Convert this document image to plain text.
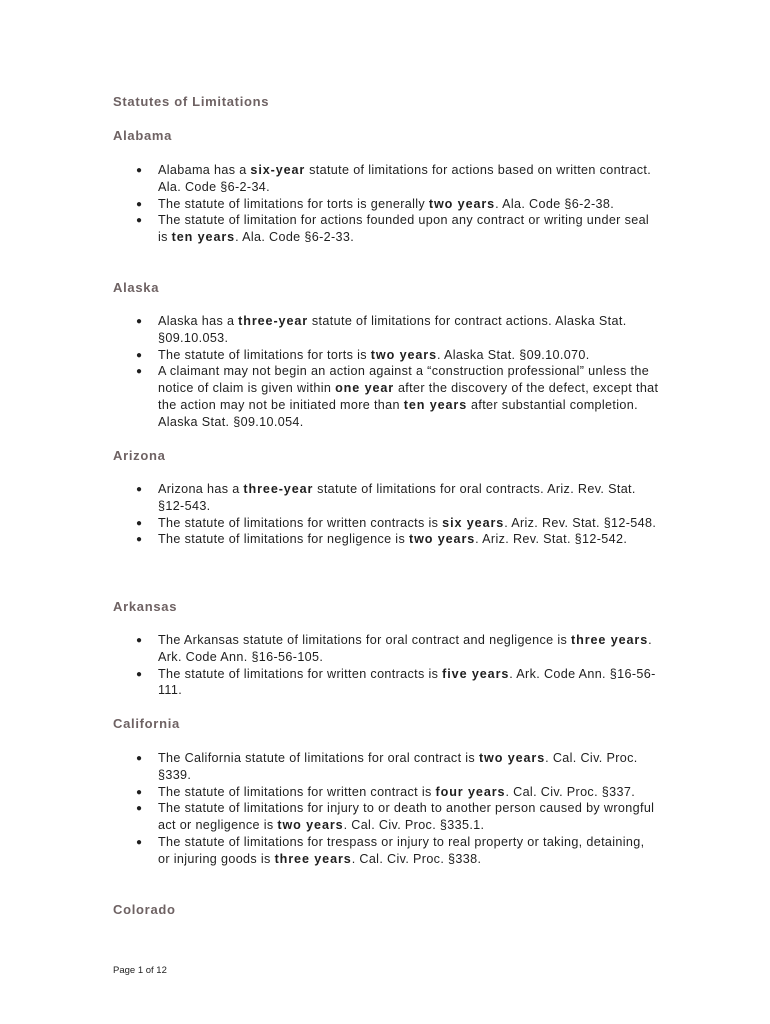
Statutes of Limitations
Alabama
● Alabama has a six-year statute of limitations for actions based on written contract. Ala. Code §6-2-34.
● The statute of limitations for torts is generally two years. Ala. Code §6-2-38.
● The statute of limitation for actions founded upon any contract or writing under seal is ten years. Ala. Code §6-2-33.
Alaska
● Alaska has a three-year statute of limitations for contract actions. Alaska Stat. §09.10.053.
● The statute of limitations for torts is two years. Alaska Stat. §09.10.070.
● A claimant may not begin an action against a “construction professional” unless the notice of claim is given within one year after the discovery of the defect, except that the action may not be initiated more than ten years after substantial completion. Alaska Stat. §09.10.054.
Arizona
● Arizona has a three-year statute of limitations for oral contracts. Ariz. Rev. Stat. §12-543.
● The statute of limitations for written contracts is six years. Ariz. Rev. Stat. §12-548.
● The statute of limitations for negligence is two years. Ariz. Rev. Stat. §12-542.
Arkansas
● The Arkansas statute of limitations for oral contract and negligence is three years. Ark. Code Ann. §16-56-105.
● The statute of limitations for written contracts is five years. Ark. Code Ann. §16-56-111.
California
● The California statute of limitations for oral contract is two years. Cal. Civ. Proc. §339.
● The statute of limitations for written contract is four years. Cal. Civ. Proc. §337.
● The statute of limitations for injury to or death to another person caused by wrongful act or negligence is two years. Cal. Civ. Proc. §335.1.
● The statute of limitations for trespass or injury to real property or taking, detaining, or injuring goods is three years. Cal. Civ. Proc. §338.
Colorado
Page 1 of 12
